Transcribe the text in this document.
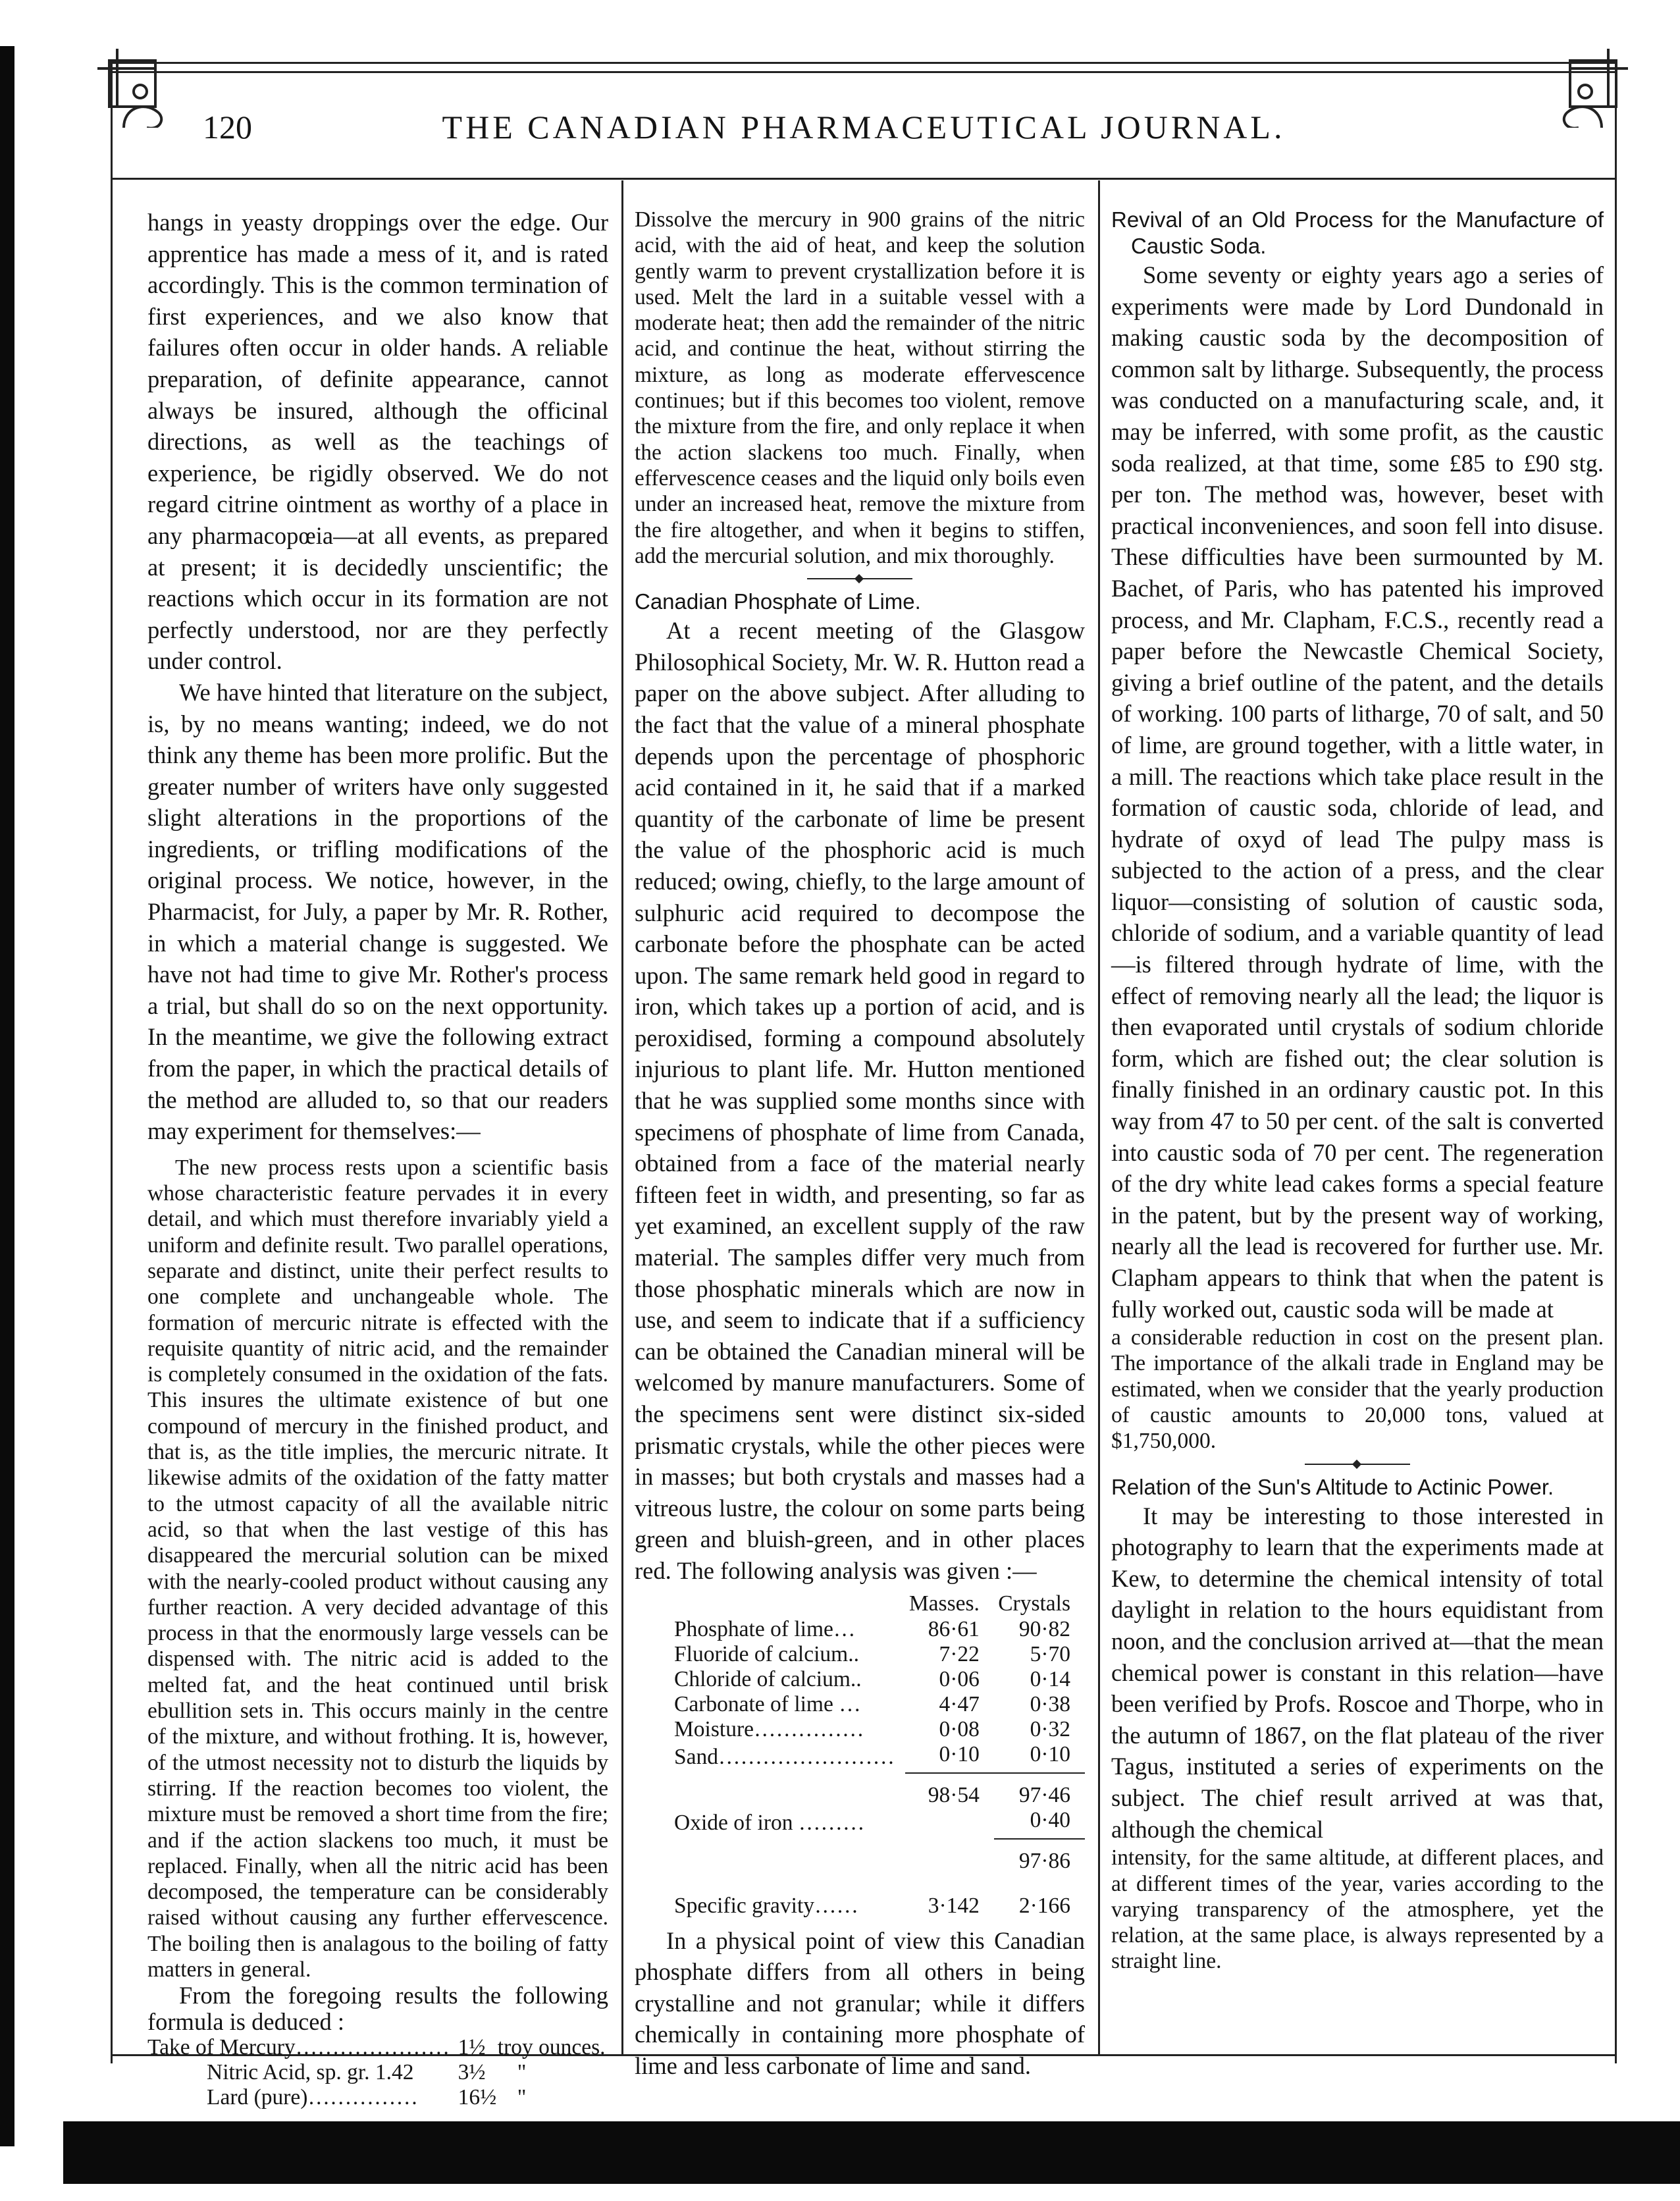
120	THE CANADIAN PHARMACEUTICAL JOURNAL.

hangs in yeasty droppings over the edge. Our apprentice has made a mess of it, and is rated accordingly. This is the common termination of first experiences, and we also know that failures often occur in older hands. A reliable preparation, of definite appearance, cannot always be insured, although the officinal directions, as well as the teachings of experience, be rigidly observed. We do not regard citrine ointment as worthy of a place in any pharmacopœia—at all events, as prepared at present; it is decidedly unscientific; the reactions which occur in its formation are not perfectly understood, nor are they perfectly under control.

We have hinted that literature on the subject, is, by no means wanting; indeed, we do not think any theme has been more prolific. But the greater number of writers have only suggested slight alterations in the proportions of the ingredients, or trifling modifications of the original process. We notice, however, in the Pharmacist, for July, a paper by Mr. R. Rother, in which a material change is suggested. We have not had time to give Mr. Rother's process a trial, but shall do so on the next opportunity. In the meantime, we give the following extract from the paper, in which the practical details of the method are alluded to, so that our readers may experiment for themselves:—

The new process rests upon a scientific basis whose characteristic feature pervades it in every detail, and which must therefore invariably yield a uniform and definite result. Two parallel operations, separate and distinct, unite their perfect results to one complete and unchangeable whole. The formation of mercuric nitrate is effected with the requisite quantity of nitric acid, and the remainder is completely consumed in the oxidation of the fats. This insures the ultimate existence of but one compound of mercury in the finished product, and that is, as the title implies, the mercuric nitrate. It likewise admits of the oxidation of the fatty matter to the utmost capacity of all the available nitric acid, so that when the last vestige of this has disappeared the mercurial solution can be mixed with the nearly-cooled product without causing any further reaction. A very decided advantage of this process in that the enormously large vessels can be dispensed with. The nitric acid is added to the melted fat, and the heat continued until brisk ebullition sets in. This occurs mainly in the centre of the mixture, and without frothing. It is, however, of the utmost necessity not to disturb the liquids by stirring. If the reaction becomes too violent, the mixture must be removed a short time from the fire; and if the action slackens too much, it must be replaced. Finally, when all the nitric acid has been decomposed, the temperature can be considerably raised without causing any further effervescence. The boiling then is analagous to the boiling of fatty matters in general.

From the foregoing results the following formula is deduced :

Take of Mercury…………………	1½	troy ounces.
Nitric Acid, sp. gr. 1.42	3½	"
Lard (pure)……………	16½	"

Dissolve the mercury in 900 grains of the nitric acid, with the aid of heat, and keep the solution gently warm to prevent crystallization before it is used. Melt the lard in a suitable vessel with a moderate heat; then add the remainder of the nitric acid, and continue the heat, without stirring the mixture, as long as moderate effervescence continues; but if this becomes too violent, remove the mixture from the fire, and only replace it when the action slackens too much. Finally, when effervescence ceases and the liquid only boils even under an increased heat, remove the mixture from the fire altogether, and when it begins to stiffen, add the mercurial solution, and mix thoroughly.

Canadian Phosphate of Lime.

At a recent meeting of the Glasgow Philosophical Society, Mr. W. R. Hutton read a paper on the above subject. After alluding to the fact that the value of a mineral phosphate depends upon the percentage of phosphoric acid contained in it, he said that if a marked quantity of the carbonate of lime be present the value of the phosphoric acid is much reduced; owing, chiefly, to the large amount of sulphuric acid required to decompose the carbonate before the phosphate can be acted upon. The same remark held good in regard to iron, which takes up a portion of acid, and is peroxidised, forming a compound absolutely injurious to plant life. Mr. Hutton mentioned that he was supplied some months since with specimens of phosphate of lime from Canada, obtained from a face of the material nearly fifteen feet in width, and presenting, so far as yet examined, an excellent supply of the raw material. The samples differ very much from those phosphatic minerals which are now in use, and seem to indicate that if a sufficiency can be obtained the Canadian mineral will be welcomed by manure manufacturers. Some of the specimens sent were distinct six-sided prismatic crystals, while the other pieces were in masses; but both crystals and masses had a vitreous lustre, the colour on some parts being green and bluish-green, and in other places red. The following analysis was given :—

	Masses.	Crystals
Phosphate of lime…	86·61	90·82
Fluoride of calcium..	7·22	5·70
Chloride of calcium..	0·06	0·14
Carbonate of lime …	4·47	0·38
Moisture……………	0·08	0·32
Sand……………………	0·10	0·10
	98·54	97·46
Oxide of iron ………		0·40
		97·86
Specific gravity……	3·142	2·166

In a physical point of view this Canadian phosphate differs from all others in being crystalline and not granular; while it differs chemically in containing more phosphate of lime and less carbonate of lime and sand.

Revival of an Old Process for the Manufacture of Caustic Soda.

Some seventy or eighty years ago a series of experiments were made by Lord Dundonald in making caustic soda by the decomposition of common salt by litharge. Subsequently, the process was conducted on a manufacturing scale, and, it may be inferred, with some profit, as the caustic soda realized, at that time, some £85 to £90 stg. per ton. The method was, however, beset with practical inconveniences, and soon fell into disuse. These difficulties have been surmounted by M. Bachet, of Paris, who has patented his improved process, and Mr. Clapham, F.C.S., recently read a paper before the Newcastle Chemical Society, giving a brief outline of the patent, and the details of working. 100 parts of litharge, 70 of salt, and 50 of lime, are ground together, with a little water, in a mill. The reactions which take place result in the formation of caustic soda, chloride of lead, and hydrate of oxyd of lead The pulpy mass is subjected to the action of a press, and the clear liquor—consisting of solution of caustic soda, chloride of sodium, and a variable quantity of lead—is filtered through hydrate of lime, with the effect of removing nearly all the lead; the liquor is then evaporated until crystals of sodium chloride form, which are fished out; the clear solution is finally finished in an ordinary caustic pot. In this way from 47 to 50 per cent. of the salt is converted into caustic soda of 70 per cent. The regeneration of the dry white lead cakes forms a special feature in the patent, but by the present way of working, nearly all the lead is recovered for further use. Mr. Clapham appears to think that when the patent is fully worked out, caustic soda will be made at

a considerable reduction in cost on the present plan. The importance of the alkali trade in England may be estimated, when we consider that the yearly production of caustic amounts to 20,000 tons, valued at $1,750,000.

Relation of the Sun's Altitude to Actinic Power.

It may be interesting to those interested in photography to learn that the experiments made at Kew, to determine the chemical intensity of total daylight in relation to the hours equidistant from noon, and the conclusion arrived at—that the mean chemical power is constant in this relation—have been verified by Profs. Roscoe and Thorpe, who in the autumn of 1867, on the flat plateau of the river Tagus, instituted a series of experiments on the subject. The chief result arrived at was that, although the chemical

intensity, for the same altitude, at different places, and at different times of the year, varies according to the varying transparency of the atmosphere, yet the relation, at the same place, is always represented by a straight line.
